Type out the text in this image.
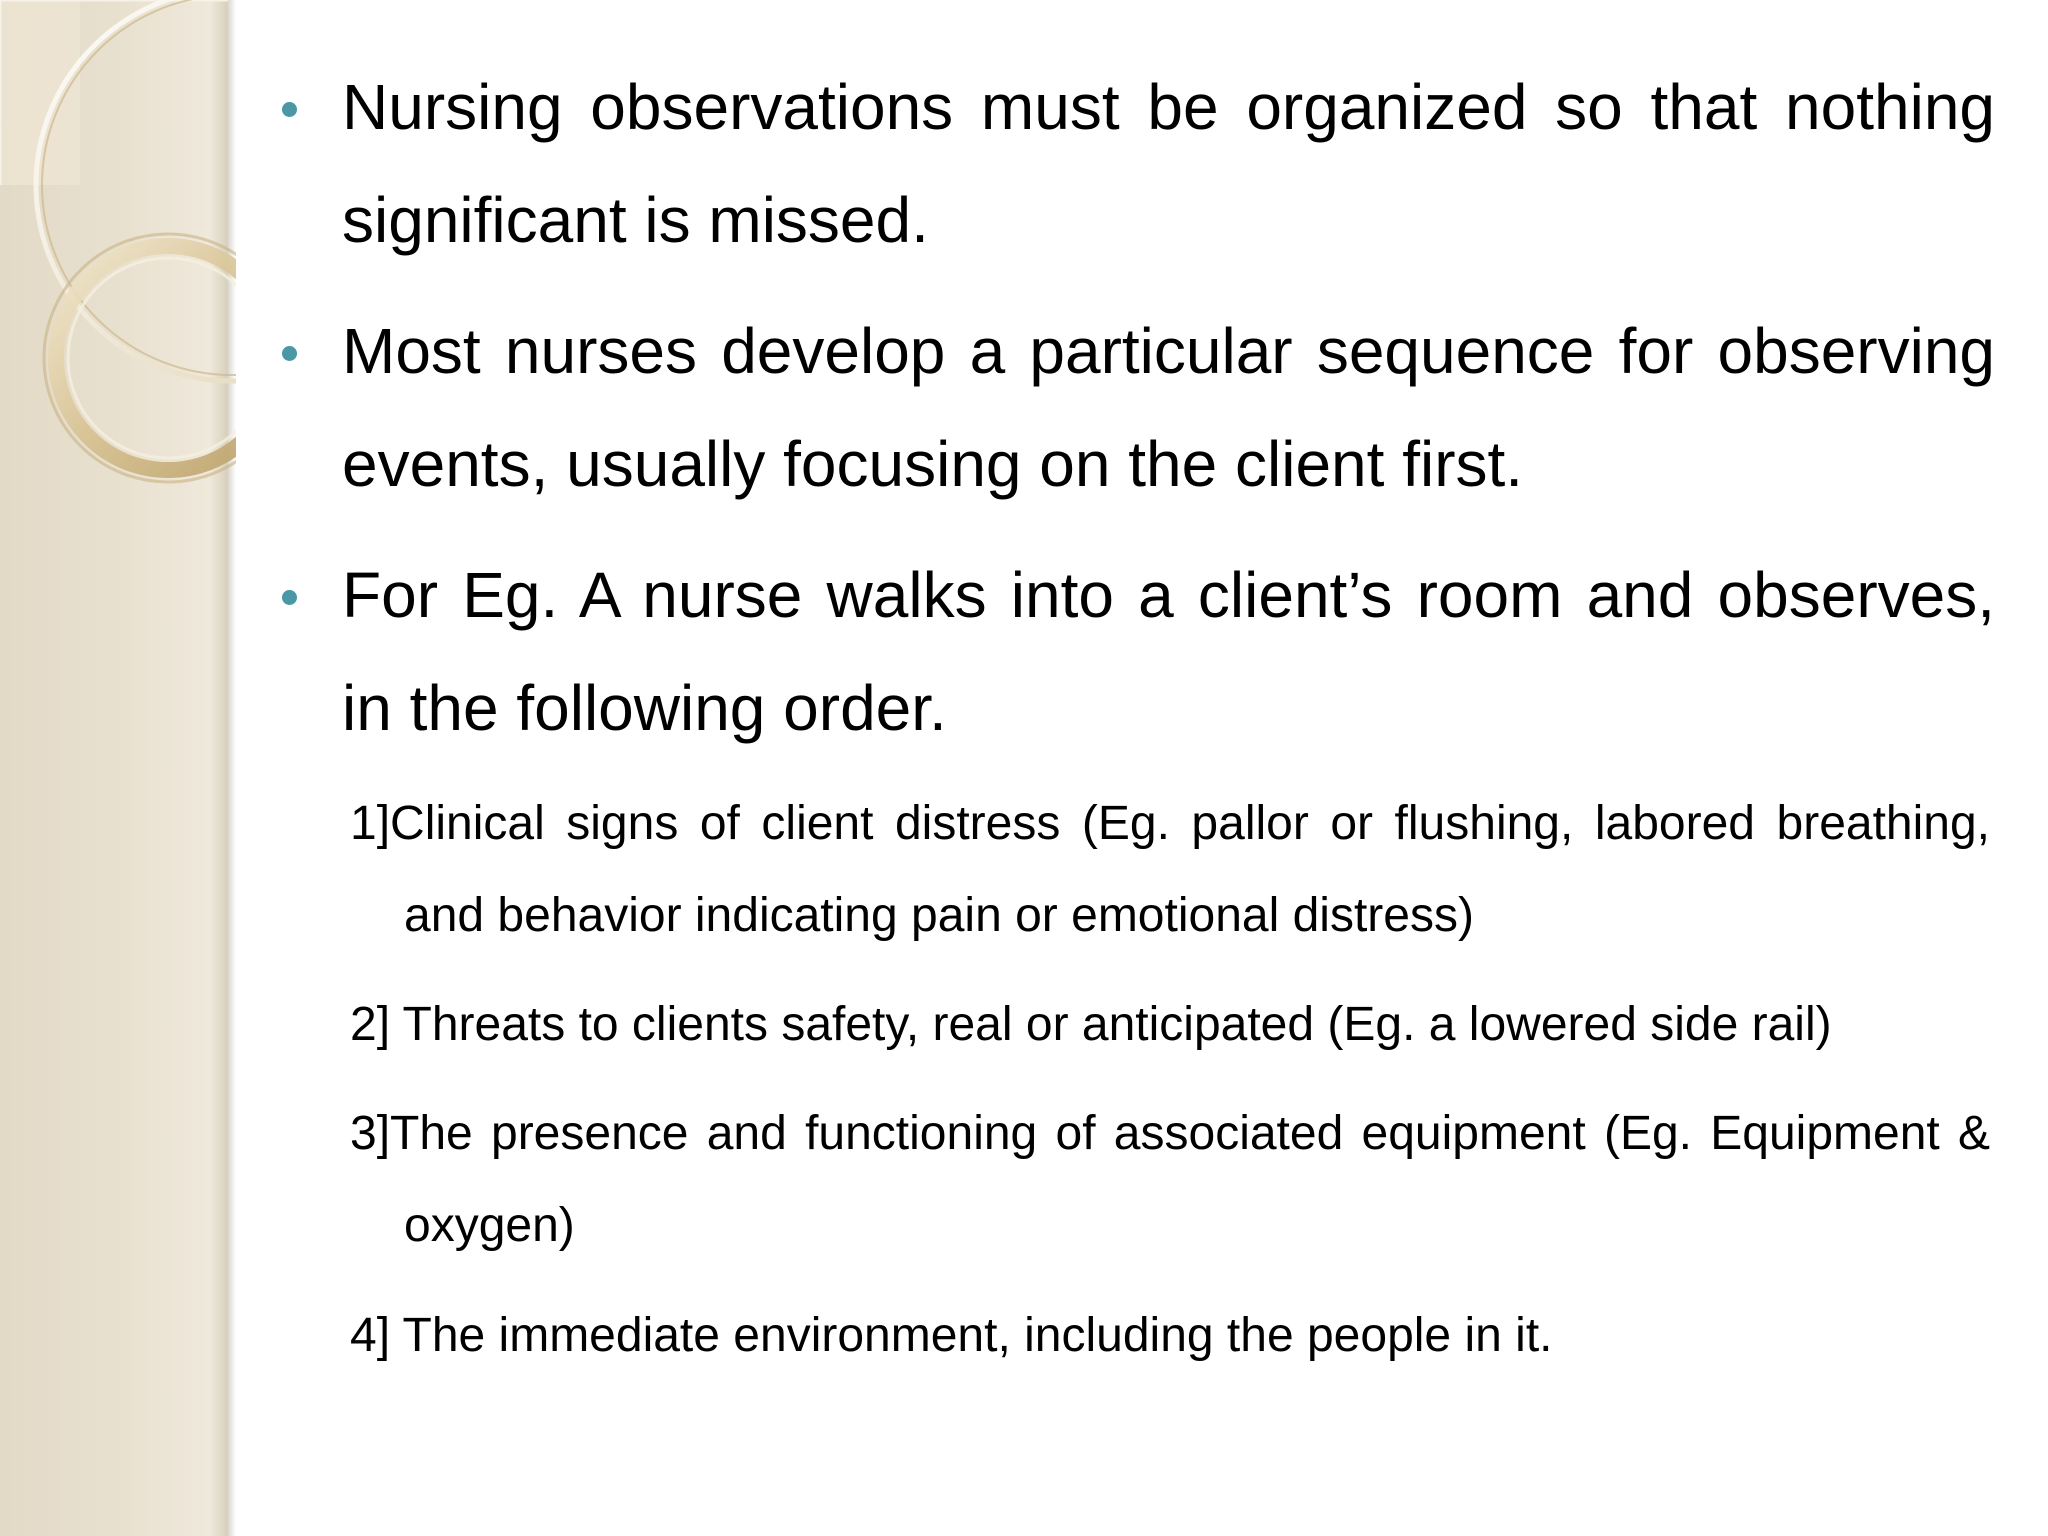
Nursing observations must be organized so that nothing significant is missed.

Most nurses develop a particular sequence for observing events, usually focusing on the client first.

For Eg. A nurse walks into a client’s room and observes, in the following order.

1]Clinical signs of client distress (Eg. pallor or flushing, labored breathing, and behavior indicating pain or emotional distress)

2] Threats to clients safety, real or anticipated (Eg. a lowered side rail)

3]The presence and functioning of associated equipment (Eg. Equipment & oxygen)

4] The immediate environment, including the people in it.
